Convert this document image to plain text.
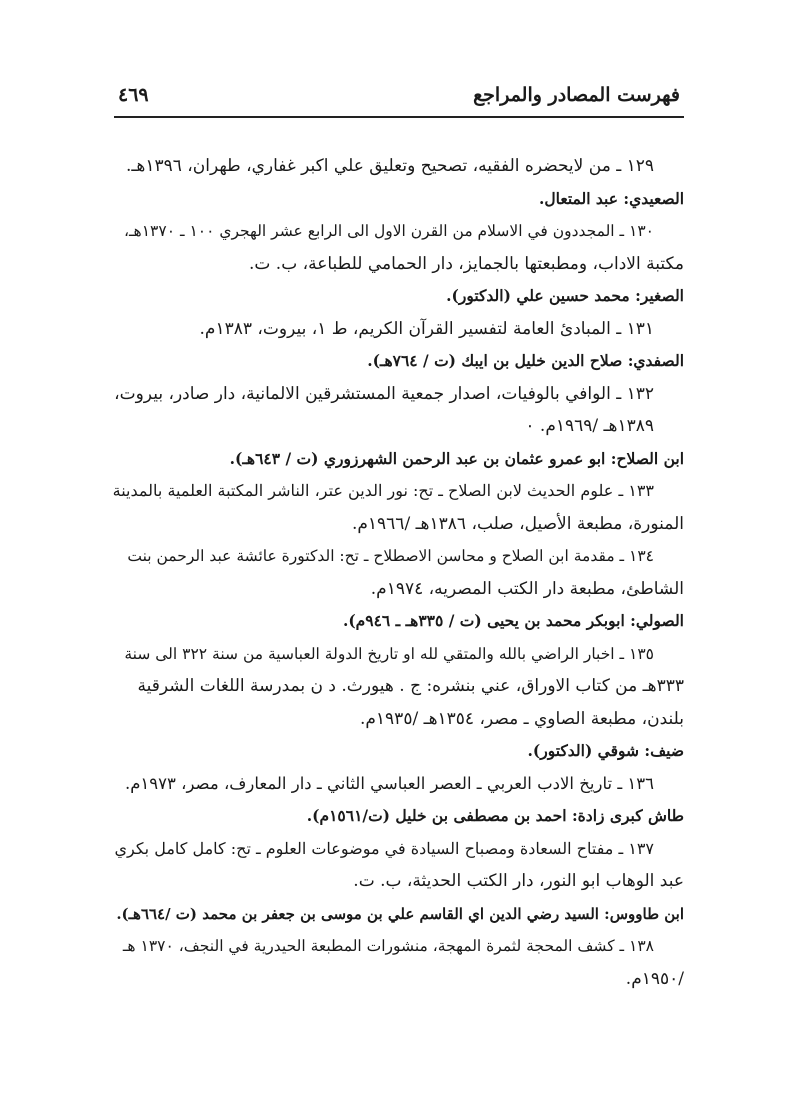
فهرست المصادر والمراجع
٤٦٩
١٢٩ ـ من لايحضره الفقيه، تصحيح وتعليق علي اكبر غفاري، طهران، ١٣٩٦هـ.
الصعيدي: عبد المتعال.
١٣٠ ـ المجددون في الاسلام من القرن الاول الى الرابع عشر الهجري ١٠٠ ـ ١٣٧٠هـ،
مكتبة الاداب، ومطبعتها بالجمايز، دار الحمامي للطباعة، ب. ت.
الصغير: محمد حسين علي (الدكتور).
١٣١ ـ المبادئ العامة لتفسير القرآن الكريم، ط ١، بيروت، ١٣٨٣م.
الصفدي: صلاح الدين خليل بن ايبك (ت / ٧٦٤هـ).
١٣٢ ـ الوافي بالوفيات، اصدار جمعية المستشرقين الالمانية، دار صادر، بيروت،
١٣٨٩هـ /١٩٦٩م. ٠
ابن الصلاح: ابو عمرو عثمان بن عبد الرحمن الشهرزوري (ت / ٦٤٣هـ).
١٣٣ ـ علوم الحديث لابن الصلاح ـ تح: نور الدين عتر، الناشر المكتبة العلمية بالمدينة
المنورة، مطبعة الأصيل، صلب، ١٣٨٦هـ /١٩٦٦م.
١٣٤ ـ مقدمة ابن الصلاح و محاسن الاصطلاح ـ تح: الدكتورة عائشة عبد الرحمن بنت
الشاطئ، مطبعة دار الكتب المصريه، ١٩٧٤م.
الصولي: ابوبكر محمد بن يحيى (ت / ٣٣٥هـ ـ ٩٤٦م).
١٣٥ ـ اخبار الراضي بالله والمتقي لله او تاريخ الدولة العباسية من سنة ٣٢٢ الى سنة
٣٣٣هـ من كتاب الاوراق، عني بنشره: ج . هيورث. د ن بمدرسة اللغات الشرقية
بلندن، مطبعة الصاوي ـ مصر، ١٣٥٤هـ /١٩٣٥م.
ضيف: شوقي (الدكتور).
١٣٦ ـ تاريخ الادب العربي ـ العصر العباسي الثاني ـ دار المعارف، مصر، ١٩٧٣م.
طاش كبرى زادة: احمد بن مصطفى بن خليل (ت/١٥٦١م).
١٣٧ ـ مفتاح السعادة ومصباح السيادة في موضوعات العلوم ـ تح: كامل كامل بكري
عبد الوهاب ابو النور، دار الكتب الحديثة، ب. ت.
ابن طاووس: السيد رضي الدين اي القاسم علي بن موسى بن جعفر بن محمد (ت /٦٦٤هـ).
١٣٨ ـ كشف المحجة لثمرة المهجة، منشورات المطبعة الحيدرية في النجف، ١٣٧٠ هـ
/١٩٥٠م.
